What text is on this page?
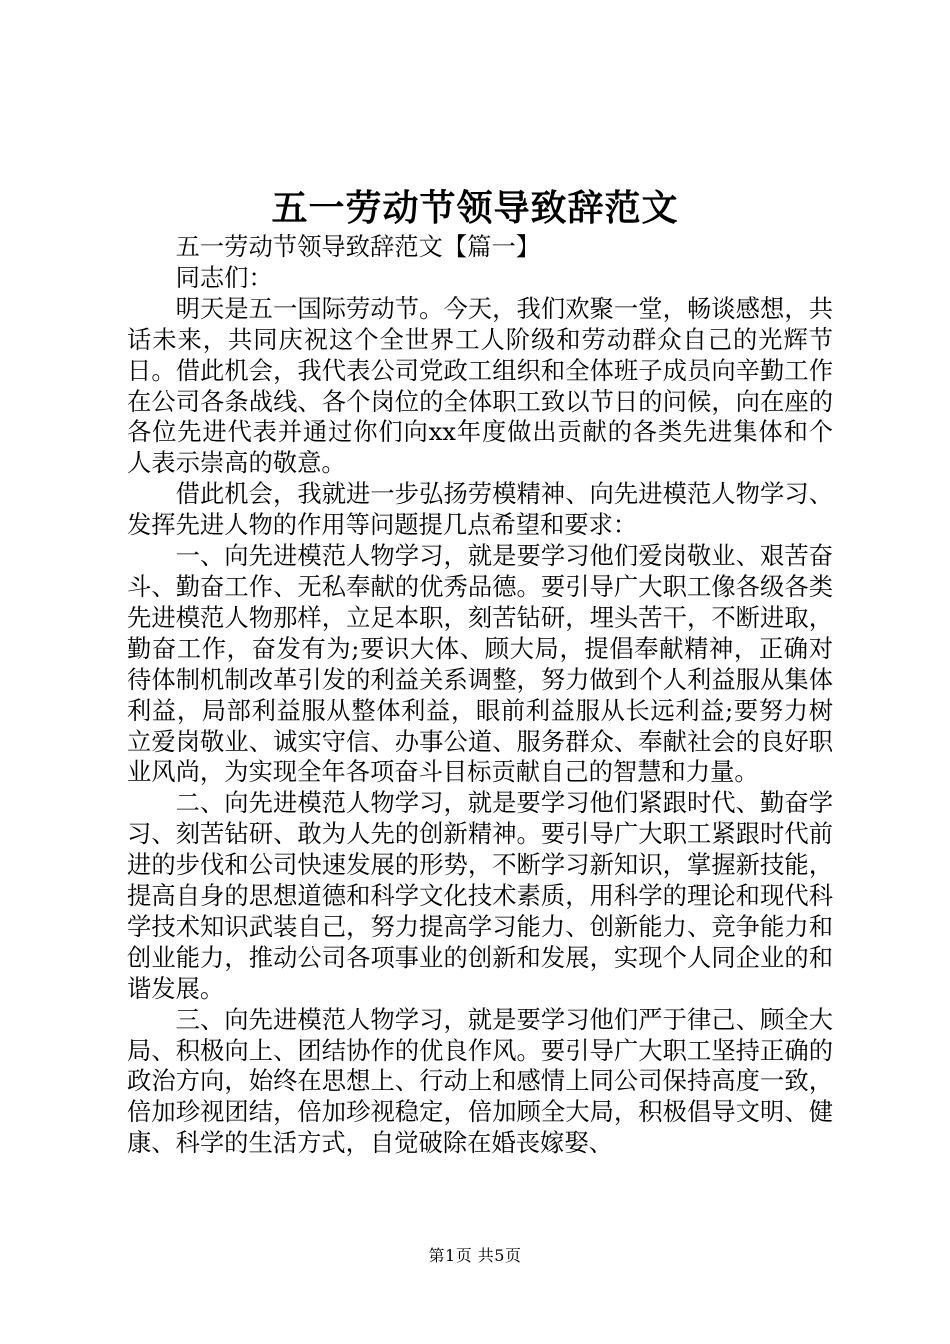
五一劳动节领导致辞范文

五一劳动节领导致辞范文【篇一】

同志们：

明天是五一国际劳动节。今天，我们欢聚一堂，畅谈感想，共话未来，共同庆祝这个全世界工人阶级和劳动群众自己的光辉节日。借此机会，我代表公司党政工组织和全体班子成员向辛勤工作在公司各条战线、各个岗位的全体职工致以节日的问候，向在座的各位先进代表并通过你们向xx年度做出贡献的各类先进集体和个人表示崇高的敬意。

借此机会，我就进一步弘扬劳模精神、向先进模范人物学习、发挥先进人物的作用等问题提几点希望和要求：

一、向先进模范人物学习，就是要学习他们爱岗敬业、艰苦奋斗、勤奋工作、无私奉献的优秀品德。要引导广大职工像各级各类先进模范人物那样，立足本职，刻苦钻研，埋头苦干，不断进取，勤奋工作，奋发有为;要识大体、顾大局，提倡奉献精神，正确对待体制机制改革引发的利益关系调整，努力做到个人利益服从集体利益，局部利益服从整体利益，眼前利益服从长远利益;要努力树立爱岗敬业、诚实守信、办事公道、服务群众、奉献社会的良好职业风尚，为实现全年各项奋斗目标贡献自己的智慧和力量。

二、向先进模范人物学习，就是要学习他们紧跟时代、勤奋学习、刻苦钻研、敢为人先的创新精神。要引导广大职工紧跟时代前进的步伐和公司快速发展的形势，不断学习新知识，掌握新技能，提高自身的思想道德和科学文化技术素质，用科学的理论和现代科学技术知识武装自己，努力提高学习能力、创新能力、竞争能力和创业能力，推动公司各项事业的创新和发展，实现个人同企业的和谐发展。

三、向先进模范人物学习，就是要学习他们严于律己、顾全大局、积极向上、团结协作的优良作风。要引导广大职工坚持正确的政治方向，始终在思想上、行动上和感情上同公司保持高度一致，倍加珍视团结，倍加珍视稳定，倍加顾全大局，积极倡导文明、健康、科学的生活方式，自觉破除在婚丧嫁娶、

第1页 共5页
